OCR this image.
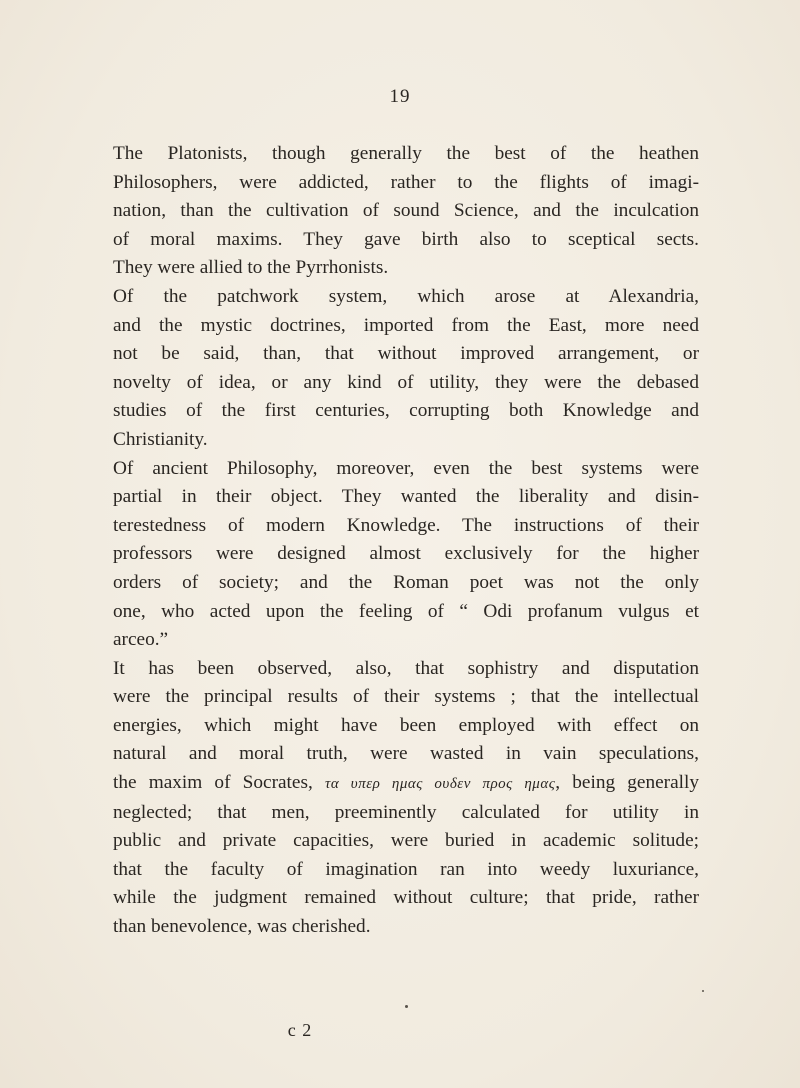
19

The Platonists, though generally the best of the heathen
Philosophers, were addicted, rather to the flights of imagi-
nation, than the cultivation of sound Science, and the inculcation
of moral maxims. They gave birth also to sceptical sects.
They were allied to the Pyrrhonists.

Of the patchwork system, which arose at Alexandria,
and the mystic doctrines, imported from the East, more need
not be said, than, that without improved arrangement, or
novelty of idea, or any kind of utility, they were the debased
studies of the first centuries, corrupting both Knowledge and
Christianity.

Of ancient Philosophy, moreover, even the best systems were
partial in their object. They wanted the liberality and disin-
terestedness of modern Knowledge. The instructions of their
professors were designed almost exclusively for the higher
orders of society; and the Roman poet was not the only
one, who acted upon the feeling of “ Odi profanum vulgus et
arceo.”

It has been observed, also, that sophistry and disputation
were the principal results of their systems ; that the intellectual
energies, which might have been employed with effect on
natural and moral truth, were wasted in vain speculations,
the maxim of Socrates, τα υπερ ημας ουδεν προς ημας, being generally
neglected; that men, preeminently calculated for utility in
public and private capacities, were buried in academic solitude;
that the faculty of imagination ran into weedy luxuriance,
while the judgment remained without culture; that pride, rather
than benevolence, was cherished.

c 2
